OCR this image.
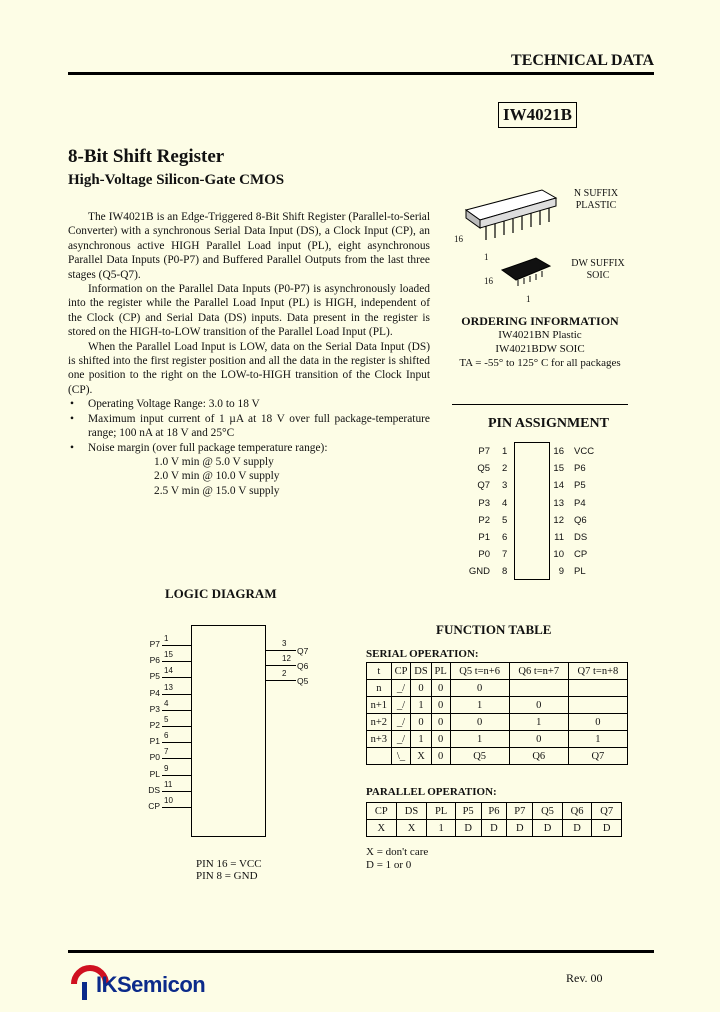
TECHNICAL DATA
IW4021B
8-Bit Shift Register
High-Voltage Silicon-Gate CMOS

The IW4021B is an Edge-Triggered 8-Bit Shift Register (Parallel-to-Serial Converter) with a synchronous Serial Data Input (DS), a Clock Input (CP), an asynchronous active HIGH Parallel Load input (PL), eight asynchronous Parallel Data Inputs (P0-P7) and Buffered Parallel Outputs from the last three stages (Q5-Q7).

Information on the Parallel Data Inputs (P0-P7) is asynchronously loaded into the register while the Parallel Load Input (PL) is HIGH, independent of the Clock (CP) and Serial Data (DS) inputs. Data present in the register is stored on the HIGH-to-LOW transition of the Parallel Load Input (PL).

When the Parallel Load Input is LOW, data on the Serial Data Input (DS) is shifted into the first register position and all the data in the register is shifted one position to the right on the LOW-to-HIGH transition of the Clock Input (CP).

• Operating Voltage Range: 3.0 to 18 V
• Maximum input current of 1 µA at 18 V over full package-temperature range; 100 nA at 18 V and 25°C
• Noise margin (over full package temperature range):
1.0 V min @ 5.0 V supply
2.0 V min @ 10.0 V supply
2.5 V min @ 15.0 V supply
16
1
N SUFFIX
PLASTIC
16
1
DW SUFFIX
SOIC
ORDERING INFORMATION
IW4021BN Plastic
IW4021BDW SOIC
TA = -55° to 125° C for all packages
PIN ASSIGNMENT
P7 1
Q5 2
Q7 3
P3 4
P2 5
P1 6
P0 7
GND 8
16 VCC
15 P6
14 P5
13 P4
12 Q6
11 DS
10 CP
9 PL
LOGIC DIAGRAM
P7
1
P6
15
P5
14
P4
13
P3
4
P2
5
P1
6
P0
7
PL
9
DS
11
CP
10
3
Q7
12
Q6
2
Q5
PIN 16 = VCC
PIN 8 = GND
FUNCTION TABLE
SERIAL OPERATION:
t	CP	DS	PL	Q5 t=n+6	Q6 t=n+7	Q7 t=n+8
n	_/	0	0	0		
n+1	_/	1	0	1	0	
n+2	_/	0	0	0	1	0
n+3	_/	1	0	1	0	1
	\_	X	0	Q5	Q6	Q7
PARALLEL OPERATION:
CP	DS	PL	P5	P6	P7	Q5	Q6	Q7
X	X	1	D	D	D	D	D	D
X = don't care
D = 1 or 0
IKSemicon	Rev. 00
